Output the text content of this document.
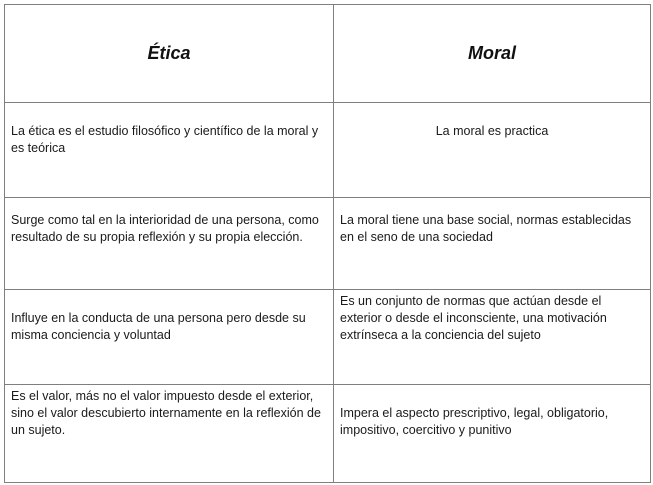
Ética	Moral
La ética es el estudio filosófico y científico de la moral y es teórica	La moral es practica
Surge como tal en la interioridad de una persona, como resultado de su propia reflexión y su propia elección.	La moral tiene una base social, normas establecidas en el seno de una sociedad
Influye en la conducta de una persona pero desde su misma conciencia y voluntad	Es un conjunto de normas que actúan desde el exterior o desde el inconsciente, una motivación extrínseca a la conciencia del sujeto
Es el valor, más no el valor impuesto desde el exterior, sino el valor descubierto internamente en la reflexión de un sujeto.	Impera el aspecto prescriptivo, legal, obligatorio, impositivo, coercitivo y punitivo
